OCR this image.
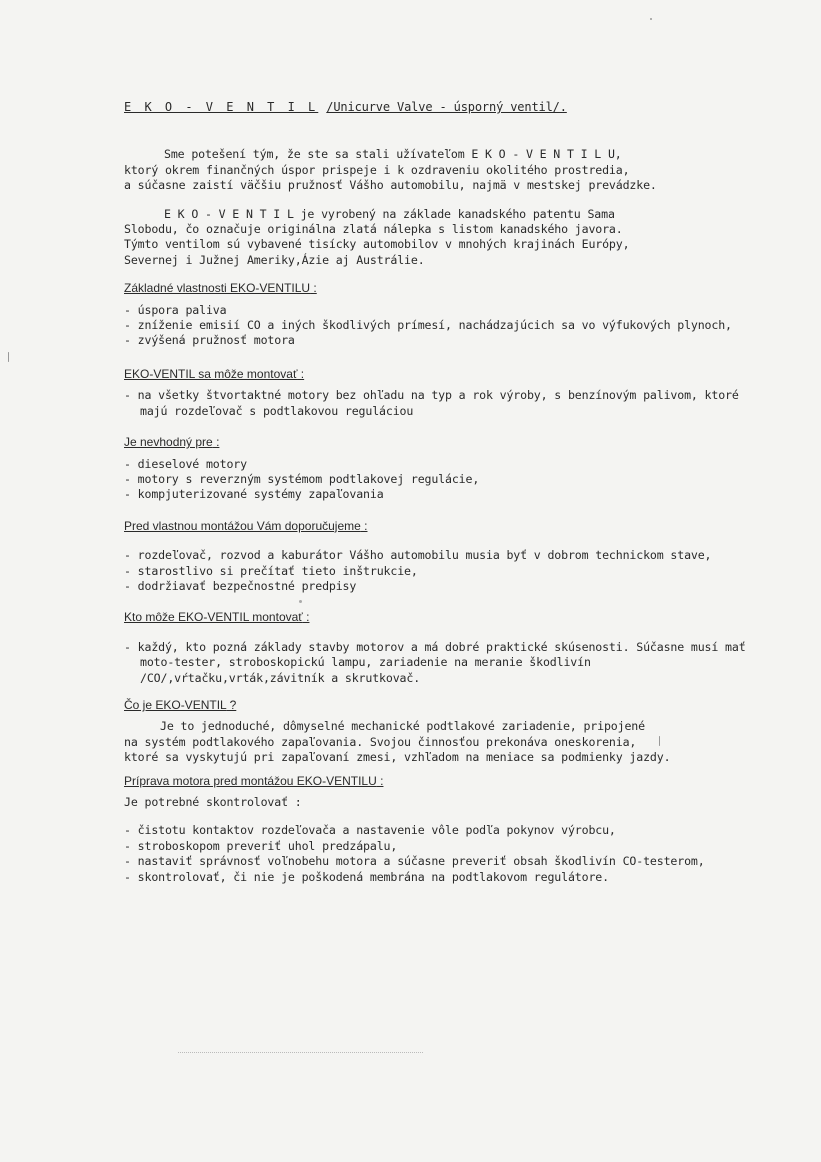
E K O - V E N T I L /Unicurve Valve - úsporný ventil/.

Sme potešení tým, že ste sa stali užívateľom E K O - V E N T I L U,

ktorý okrem finančných úspor prispeje i k ozdraveniu okolitého prostredia,

a súčasne zaistí väčšiu pružnosť Vášho automobilu, najmä v mestskej prevádzke.

E K O - V E N T I L je vyrobený na základe kanadského patentu Sama

Slobodu, čo označuje originálna zlatá nálepka s listom kanadského javora.

Týmto ventilom sú vybavené tisícky automobilov v mnohých krajinách Európy,

Severnej i Južnej Ameriky,Ázie aj Austrálie.

Základné vlastnosti EKO-VENTILU :

- úspora paliva
- zníženie emisií CO a iných škodlivých prímesí, nachádzajúcich sa vo výfukových plynoch,
- zvýšená pružnosť motora

EKO-VENTIL sa môže montovať :

- na všetky štvortaktné motory bez ohľadu na typ a rok výroby, s benzínovým palivom, ktoré majú rozdeľovač s podtlakovou reguláciou

Je nevhodný pre :

- dieselové motory
- motory s reverzným systémom podtlakovej regulácie,
- kompjuterizované systémy zapaľovania

Pred vlastnou montážou Vám doporučujeme :

- rozdeľovač, rozvod a kaburátor Vášho automobilu musia byť v dobrom technickom stave,
- starostlivo si prečítať tieto inštrukcie,
- dodržiavať bezpečnostné predpisy

Kto môže EKO-VENTIL montovať :

- každý, kto pozná základy stavby motorov a má dobré praktické skúsenosti. Súčasne musí mať moto-tester, stroboskopickú lampu, zariadenie na meranie škodlivín /CO/,vŕtačku,vrták,závitník a skrutkovač.

Čo je EKO-VENTIL ?

Je to jednoduché, dômyselné mechanické podtlakové zariadenie, pripojené

na systém podtlakového zapaľovania. Svojou činnosťou prekonáva oneskorenia,

ktoré sa vyskytujú pri zapaľovaní zmesi, vzhľadom na meniace sa podmienky jazdy.

Príprava motora pred montážou EKO-VENTILU :

Je potrebné skontrolovať :

- čistotu kontaktov rozdeľovača a nastavenie vôle podľa pokynov výrobcu,
- stroboskopom preveriť uhol predzápalu,
- nastaviť správnosť voľnobehu motora a súčasne preveriť obsah škodlivín CO-testerom,
- skontrolovať, či nie je poškodená membrána na podtlakovom regulátore.
